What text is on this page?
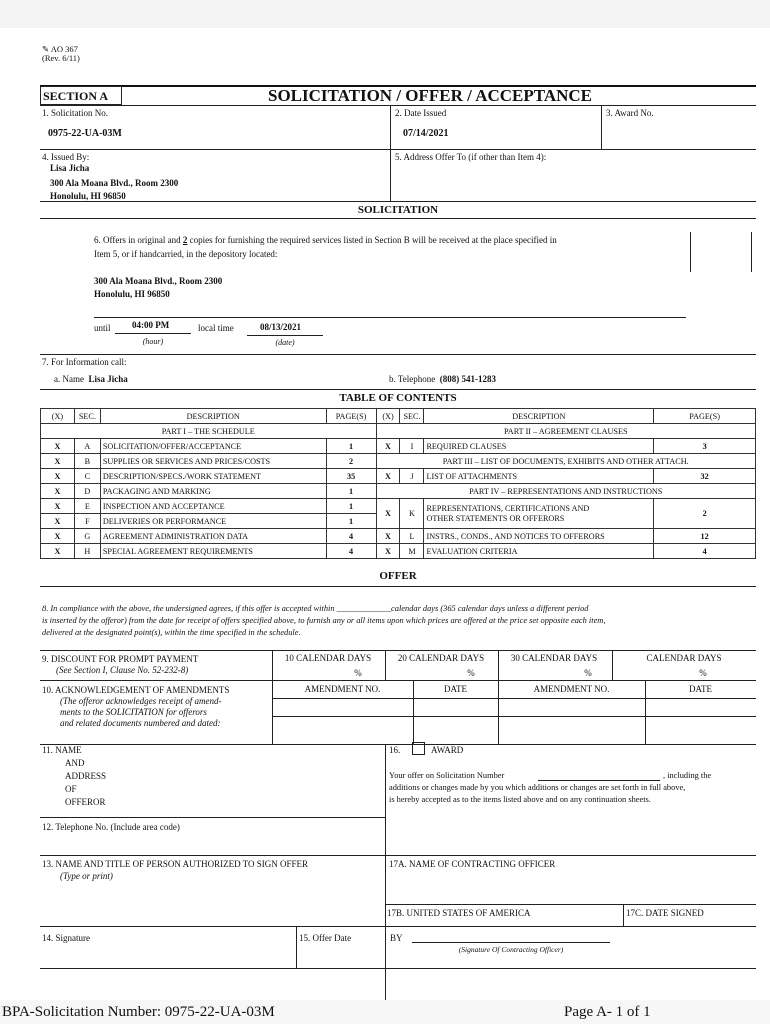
✎ AO 367
(Rev. 6/11)
SECTION A	SOLICITATION / OFFER / ACCEPTANCE
1. Solicitation No.
0975-22-UA-03M
2. Date Issued
07/14/2021
3. Award No.
4. Issued By:
Lisa Jicha
300 Ala Moana Blvd., Room 2300
Honolulu, HI 96850
5. Address Offer To (if other than Item 4):
SOLICITATION
6. Offers in original and 2 copies for furnishing the required services listed in Section B will be received at the place specified in
Item 5, or if handcarried, in the depository located:
300 Ala Moana Blvd., Room 2300
Honolulu, HI 96850
until 04:00 PM
(hour)
local time	08/13/2021
(date)
7. For Information call:
a. Name Lisa Jicha	b. Telephone (808) 541-1283
TABLE OF CONTENTS
(X)	SEC.	DESCRIPTION	PAGE(S)	(X)	SEC.	DESCRIPTION	PAGE(S)
PART I – THE SCHEDULE				PART II – AGREEMENT CLAUSES			
X	A	SOLICITATION/OFFER/ACCEPTANCE	1	X	I	REQUIRED CLAUSES	3
X	B	SUPPLIES OR SERVICES AND PRICES/COSTS	2	PART III – LIST OF DOCUMENTS, EXHIBITS AND OTHER ATTACH.			
X	C	DESCRIPTION/SPECS./WORK STATEMENT	35	X	J	LIST OF ATTACHMENTS	32
X	D	PACKAGING AND MARKING	1	PART IV – REPRESENTATIONS AND INSTRUCTIONS			
X	E	INSPECTION AND ACCEPTANCE	1	X	K	REPRESENTATIONS, CERTIFICATIONS AND
OTHER STATEMENTS OR OFFERORS	2
X	F	DELIVERIES OR PERFORMANCE	1				
X	G	AGREEMENT ADMINISTRATION DATA	4	X	L	INSTRS., CONDS., AND NOTICES TO OFFERORS	12
X	H	SPECIAL AGREEMENT REQUIREMENTS	4	X	M	EVALUATION CRITERIA	4
OFFER
8. In compliance with the above, the undersigned agrees, if this offer is accepted within _____________calendar days (365 calendar days unless a different period
is inserted by the offeror) from the date for receipt of offers specified above, to furnish any or all items upon which prices are offered at the price set opposite each item,
delivered at the designated point(s), within the time specified in the schedule.
9. DISCOUNT FOR PROMPT PAYMENT
(See Section I, Clause No. 52-232-8)
10 CALENDAR DAYS
%
20 CALENDAR DAYS
%
30 CALENDAR DAYS
%
CALENDAR DAYS
%
10. ACKNOWLEDGEMENT OF AMENDMENTS
(The offeror acknowledges receipt of amend-
ments to the SOLICITATION for offerors
and related documents numbered and dated:
AMENDMENT NO.	DATE	AMENDMENT NO.	DATE
11. NAME
AND
ADDRESS
OF
OFFEROR
16.	AWARD
Your offer on Solicitation Number	, including the
additions or changes made by you which additions or changes are set forth in full above,
is hereby accepted as to the items listed above and on any continuation sheets.
12. Telephone No. (Include area code)
13. NAME AND TITLE OF PERSON AUTHORIZED TO SIGN OFFER
(Type or print)
17A. NAME OF CONTRACTING OFFICER
17B. UNITED STATES OF AMERICA	17C. DATE SIGNED
14. Signature	15. Offer Date	BY
(Signature Of Contracting Officer)
BPA-Solicitation Number: 0975-22-UA-03M	Page A- 1 of 1
